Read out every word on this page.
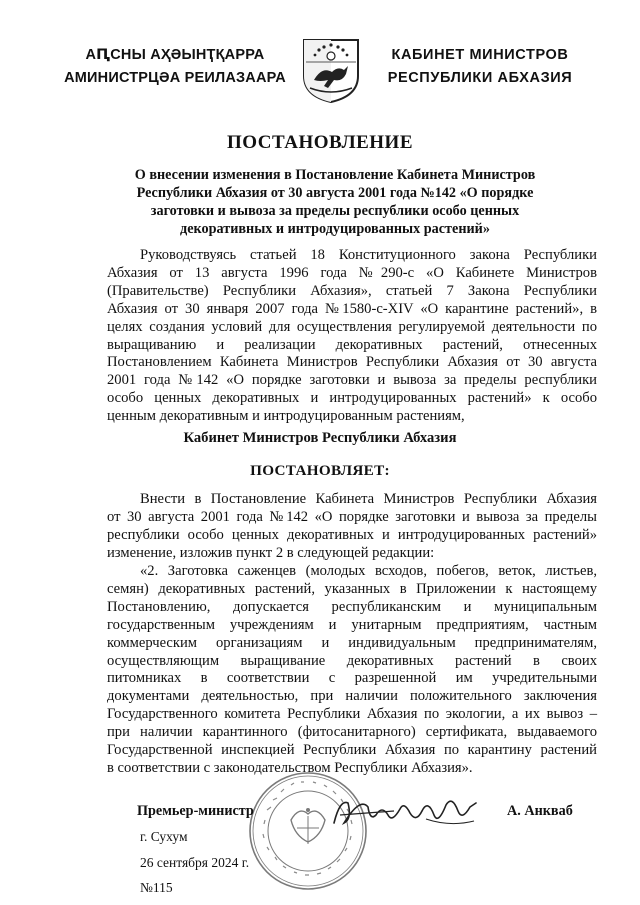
АԤСНЫ АҲӘЫНҬҚАРРА
АМИНИСТРЦӘА РЕИЛАЗААРА
КАБИНЕТ МИНИСТРОВ
РЕСПУБЛИКИ АБХАЗИЯ
ПОСТАНОВЛЕНИЕ
О внесении изменения в Постановление Кабинета Министров
Республики Абхазия от 30 августа 2001 года №142 «О порядке
заготовки и вывоза за пределы республики особо ценных
декоративных и интродуцированных растений»
Руководствуясь статьей 18 Конституционного закона Республики
Абхазия от 13 августа 1996 года №290-с «О Кабинете Министров
(Правительстве) Республики Абхазия», статьей 7 Закона Республики
Абхазия от 30 января 2007 года №1580-с-XIV «О карантине растений», в
целях создания условий для осуществления регулируемой деятельности по
выращиванию и реализации декоративных растений, отнесенных
Постановлением Кабинета Министров Республики Абхазия от 30 августа
2001 года №142 «О порядке заготовки и вывоза за пределы республики
особо ценных декоративных и интродуцированных растений» к особо
ценным декоративным и интродуцированным растениям,
Кабинет Министров Республики Абхазия
ПОСТАНОВЛЯЕТ:
Внести в Постановление Кабинета Министров Республики Абхазия
от 30 августа 2001 года №142 «О порядке заготовки и вывоза за пределы
республики особо ценных декоративных и интродуцированных растений»
изменение, изложив пункт 2 в следующей редакции:
«2. Заготовка саженцев (молодых всходов, побегов, веток, листьев,
семян) декоративных растений, указанных в Приложении к настоящему
Постановлению, допускается республиканским и муниципальным
государственным учреждениям и унитарным предприятиям, частным
коммерческим организациям и индивидуальным предпринимателям,
осуществляющим выращивание декоративных растений в своих
питомниках в соответствии с разрешенной им учредительными
документами деятельностью, при наличии положительного заключения
Государственного комитета Республики Абхазия по экологии, а их вывоз –
при наличии карантинного (фитосанитарного) сертификата, выдаваемого
Государственной инспекцией Республики Абхазия по карантину растений
в соответствии с законодательством Республики Абхазия».
Премьер-министр	А. Анкваб
г. Сухум
26 сентября 2024 г.
№115
